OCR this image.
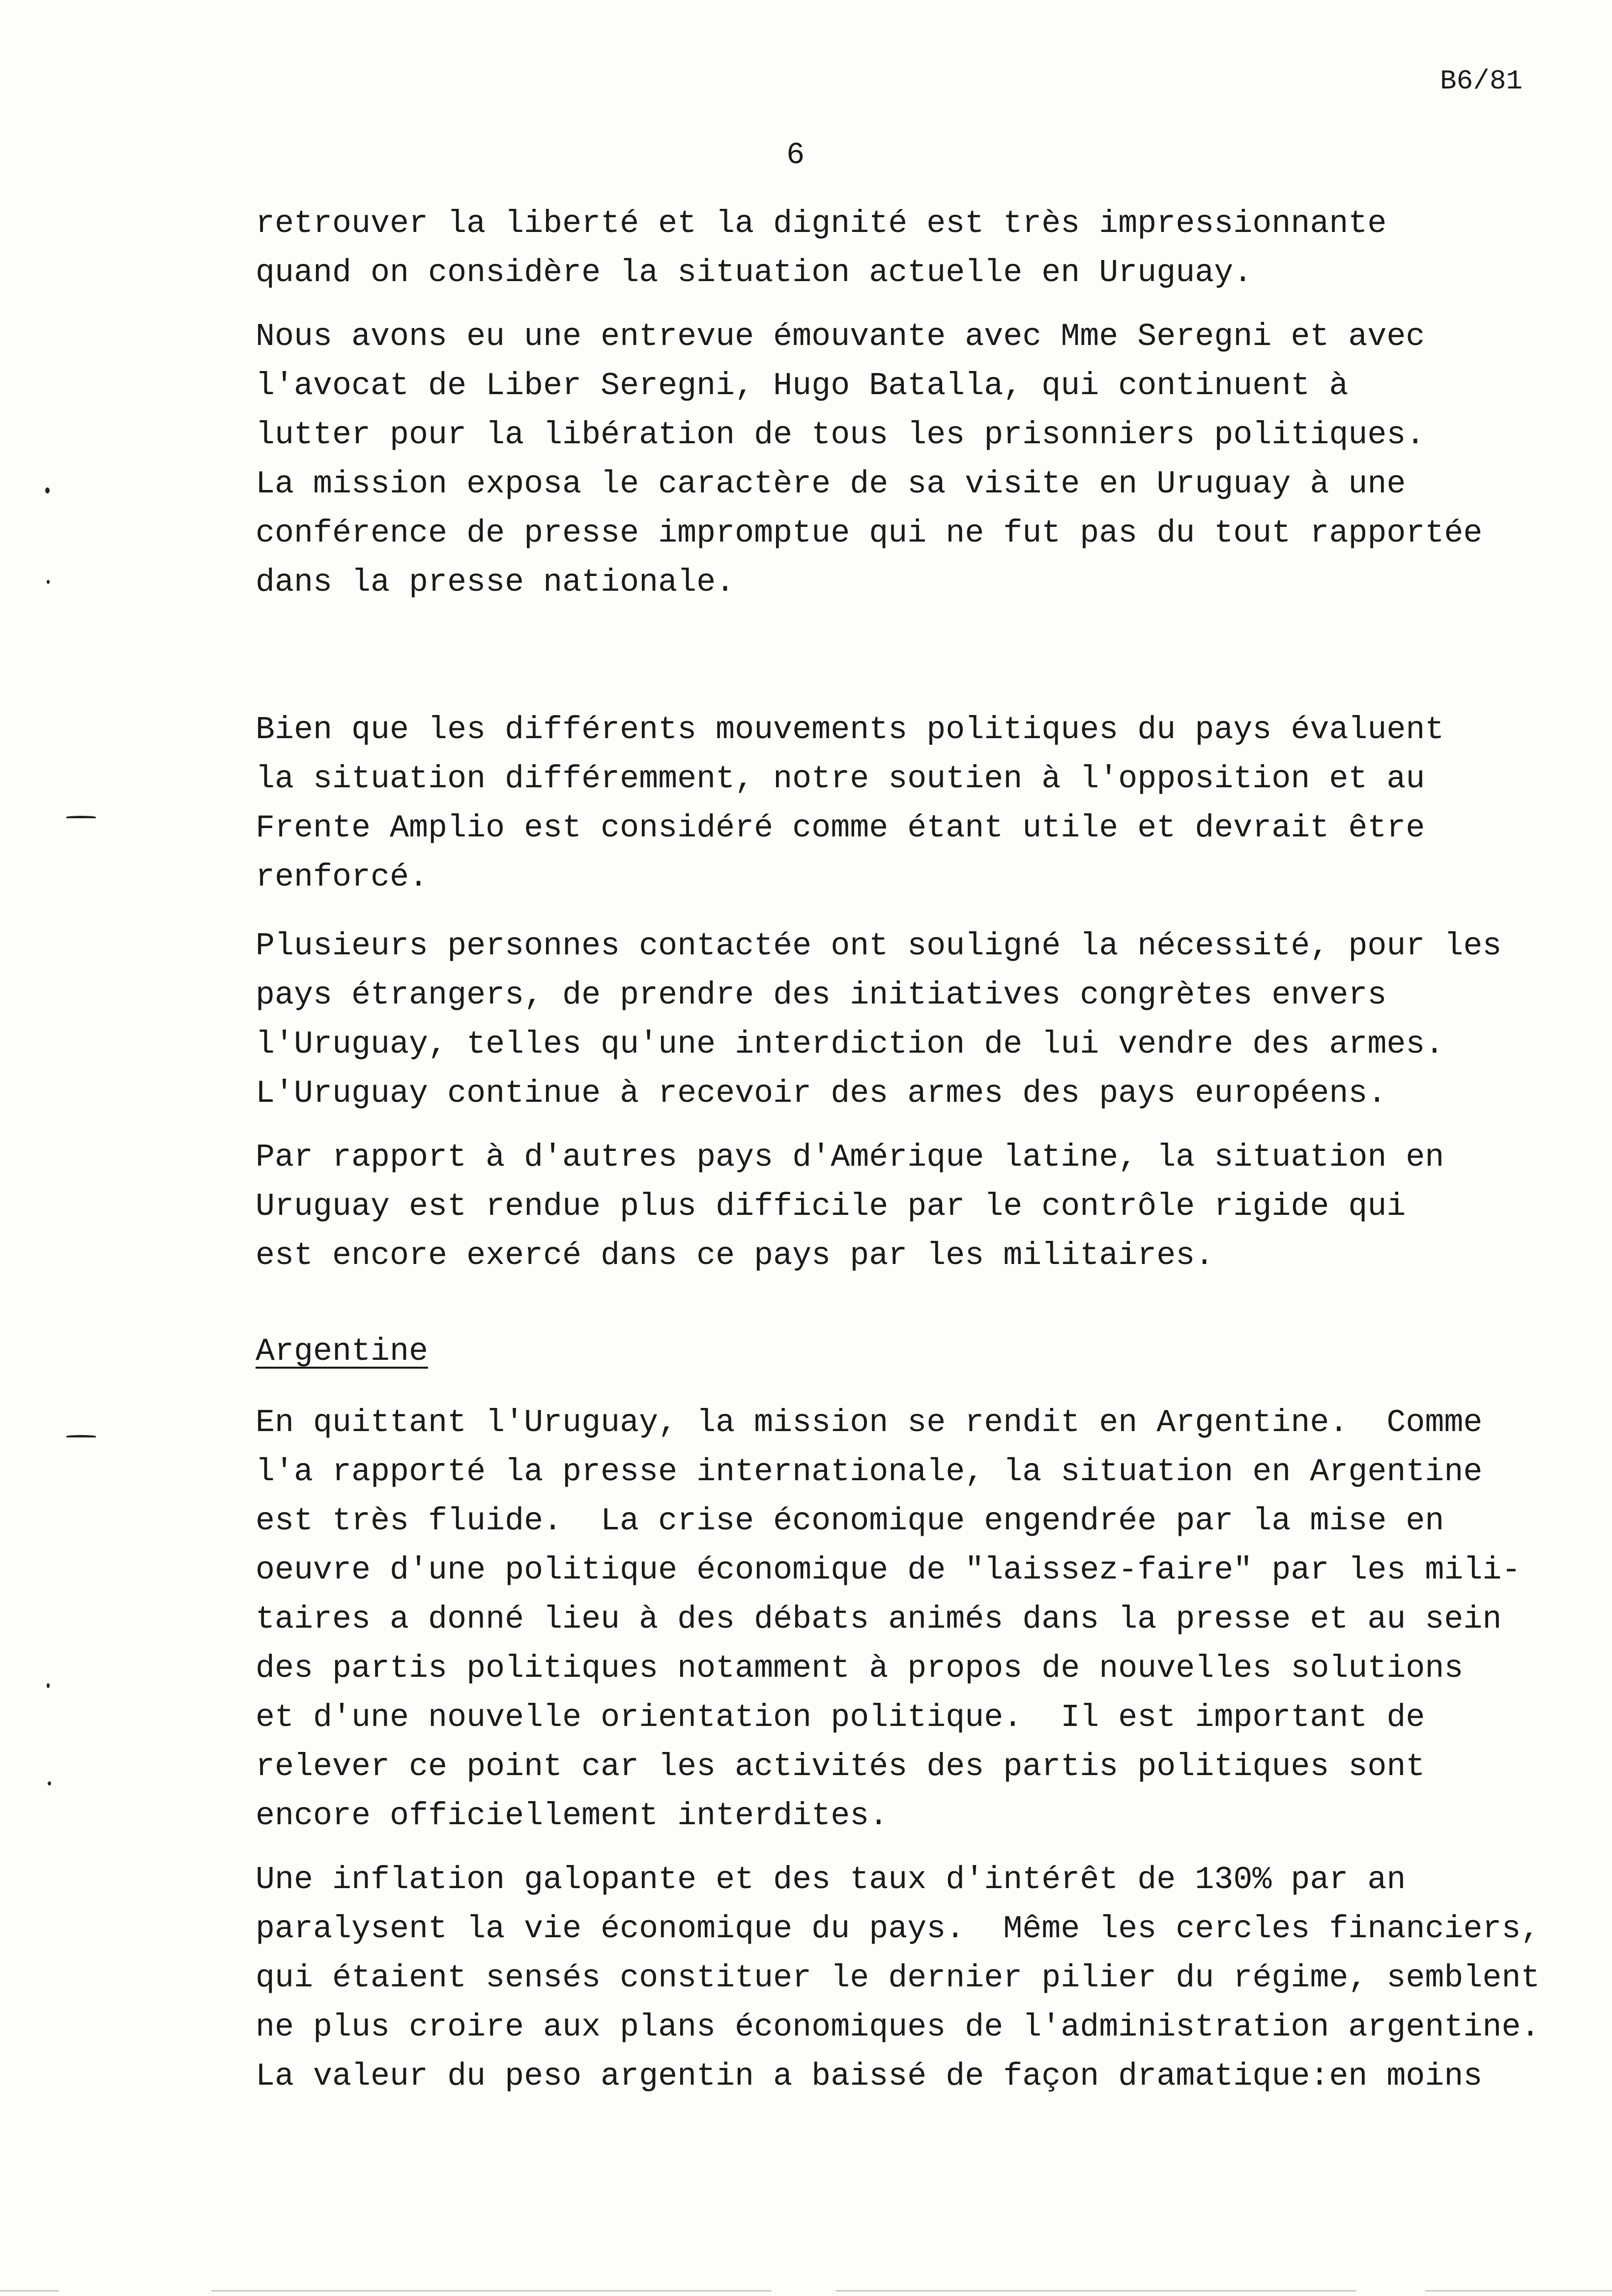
B6/81
6
retrouver la liberté et la dignité est très impressionnante
quand on considère la situation actuelle en Uruguay.
Nous avons eu une entrevue émouvante avec Mme Seregni et avec
l'avocat de Liber Seregni, Hugo Batalla, qui continuent à
lutter pour la libération de tous les prisonniers politiques.
La mission exposa le caractère de sa visite en Uruguay à une
conférence de presse impromptue qui ne fut pas du tout rapportée
dans la presse nationale.
Bien que les différents mouvements politiques du pays évaluent
la situation différemment, notre soutien à l'opposition et au
Frente Amplio est considéré comme étant utile et devrait être
renforcé.
Plusieurs personnes contactée ont souligné la nécessité, pour les
pays étrangers, de prendre des initiatives congrètes envers
l'Uruguay, telles qu'une interdiction de lui vendre des armes.
L'Uruguay continue à recevoir des armes des pays européens.
Par rapport à d'autres pays d'Amérique latine, la situation en
Uruguay est rendue plus difficile par le contrôle rigide qui
est encore exercé dans ce pays par les militaires.
Argentine
En quittant l'Uruguay, la mission se rendit en Argentine.  Comme
l'a rapporté la presse internationale, la situation en Argentine
est très fluide.  La crise économique engendrée par la mise en
oeuvre d'une politique économique de "laissez-faire" par les mili-
taires a donné lieu à des débats animés dans la presse et au sein
des partis politiques notamment à propos de nouvelles solutions
et d'une nouvelle orientation politique.  Il est important de
relever ce point car les activités des partis politiques sont
encore officiellement interdites.
Une inflation galopante et des taux d'intérêt de 130% par an
paralysent la vie économique du pays.  Même les cercles financiers,
qui étaient sensés constituer le dernier pilier du régime, semblent
ne plus croire aux plans économiques de l'administration argentine.
La valeur du peso argentin a baissé de façon dramatique:en moins
